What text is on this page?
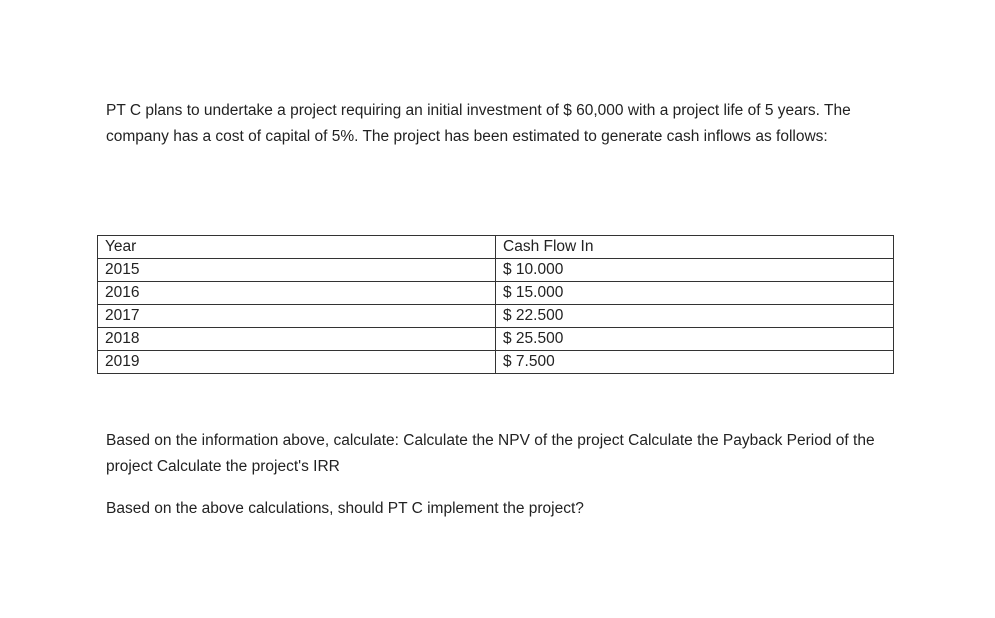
PT C plans to undertake a project requiring an initial investment of $ 60,000 with a project life of 5 years. The company has a cost of capital of 5%. The project has been estimated to generate cash inflows as follows:

Year	Cash Flow In
2015	$ 10.000
2016	$ 15.000
2017	$ 22.500
2018	$ 25.500
2019	$ 7.500

Based on the information above, calculate: Calculate the NPV of the project Calculate the Payback Period of the project Calculate the project's IRR

Based on the above calculations, should PT C implement the project?
